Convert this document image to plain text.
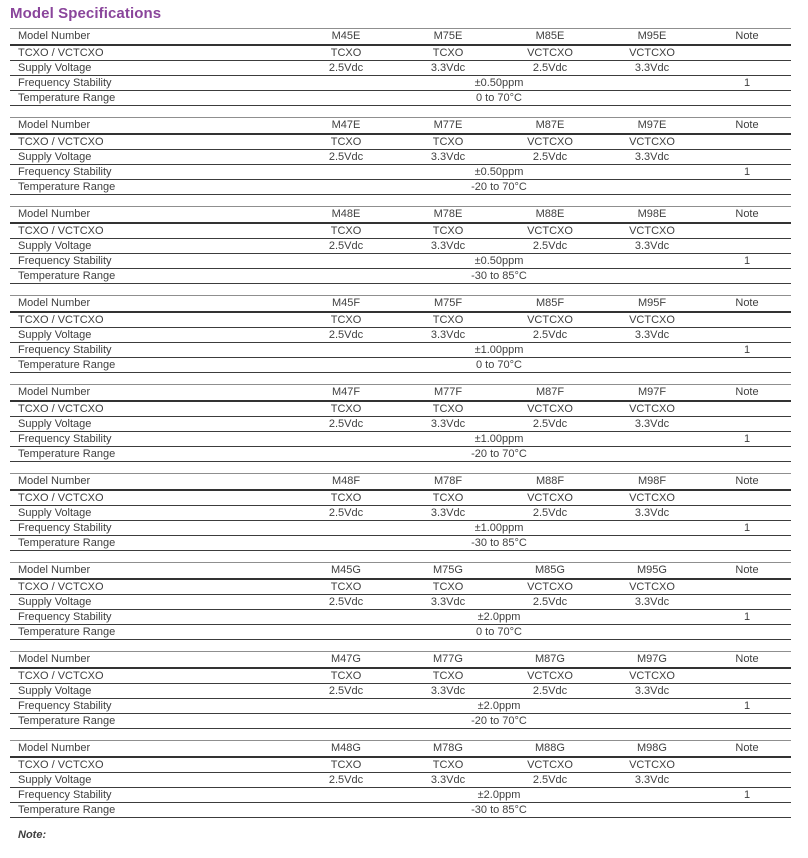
Model Specifications
Model Number	M45E	M75E	M85E	M95E	Note
TCXO / VCTCXO	TCXO	TCXO	VCTCXO	VCTCXO	
Supply Voltage	2.5Vdc	3.3Vdc	2.5Vdc	3.3Vdc	
Frequency Stability	±0.50ppm				1
Temperature Range	0 to 70°C				
Model Number	M47E	M77E	M87E	M97E	Note
TCXO / VCTCXO	TCXO	TCXO	VCTCXO	VCTCXO	
Supply Voltage	2.5Vdc	3.3Vdc	2.5Vdc	3.3Vdc	
Frequency Stability	±0.50ppm				1
Temperature Range	-20 to 70°C				
Model Number	M48E	M78E	M88E	M98E	Note
TCXO / VCTCXO	TCXO	TCXO	VCTCXO	VCTCXO	
Supply Voltage	2.5Vdc	3.3Vdc	2.5Vdc	3.3Vdc	
Frequency Stability	±0.50ppm				1
Temperature Range	-30 to 85°C				
Model Number	M45F	M75F	M85F	M95F	Note
TCXO / VCTCXO	TCXO	TCXO	VCTCXO	VCTCXO	
Supply Voltage	2.5Vdc	3.3Vdc	2.5Vdc	3.3Vdc	
Frequency Stability	±1.00ppm				1
Temperature Range	0 to 70°C				
Model Number	M47F	M77F	M87F	M97F	Note
TCXO / VCTCXO	TCXO	TCXO	VCTCXO	VCTCXO	
Supply Voltage	2.5Vdc	3.3Vdc	2.5Vdc	3.3Vdc	
Frequency Stability	±1.00ppm				1
Temperature Range	-20 to 70°C				
Model Number	M48F	M78F	M88F	M98F	Note
TCXO / VCTCXO	TCXO	TCXO	VCTCXO	VCTCXO	
Supply Voltage	2.5Vdc	3.3Vdc	2.5Vdc	3.3Vdc	
Frequency Stability	±1.00ppm				1
Temperature Range	-30 to 85°C				
Model Number	M45G	M75G	M85G	M95G	Note
TCXO / VCTCXO	TCXO	TCXO	VCTCXO	VCTCXO	
Supply Voltage	2.5Vdc	3.3Vdc	2.5Vdc	3.3Vdc	
Frequency Stability	±2.0ppm				1
Temperature Range	0 to 70°C				
Model Number	M47G	M77G	M87G	M97G	Note
TCXO / VCTCXO	TCXO	TCXO	VCTCXO	VCTCXO	
Supply Voltage	2.5Vdc	3.3Vdc	2.5Vdc	3.3Vdc	
Frequency Stability	±2.0ppm				1
Temperature Range	-20 to 70°C				
Model Number	M48G	M78G	M88G	M98G	Note
TCXO / VCTCXO	TCXO	TCXO	VCTCXO	VCTCXO	
Supply Voltage	2.5Vdc	3.3Vdc	2.5Vdc	3.3Vdc	
Frequency Stability	±2.0ppm				1
Temperature Range	-30 to 85°C				
Note:
